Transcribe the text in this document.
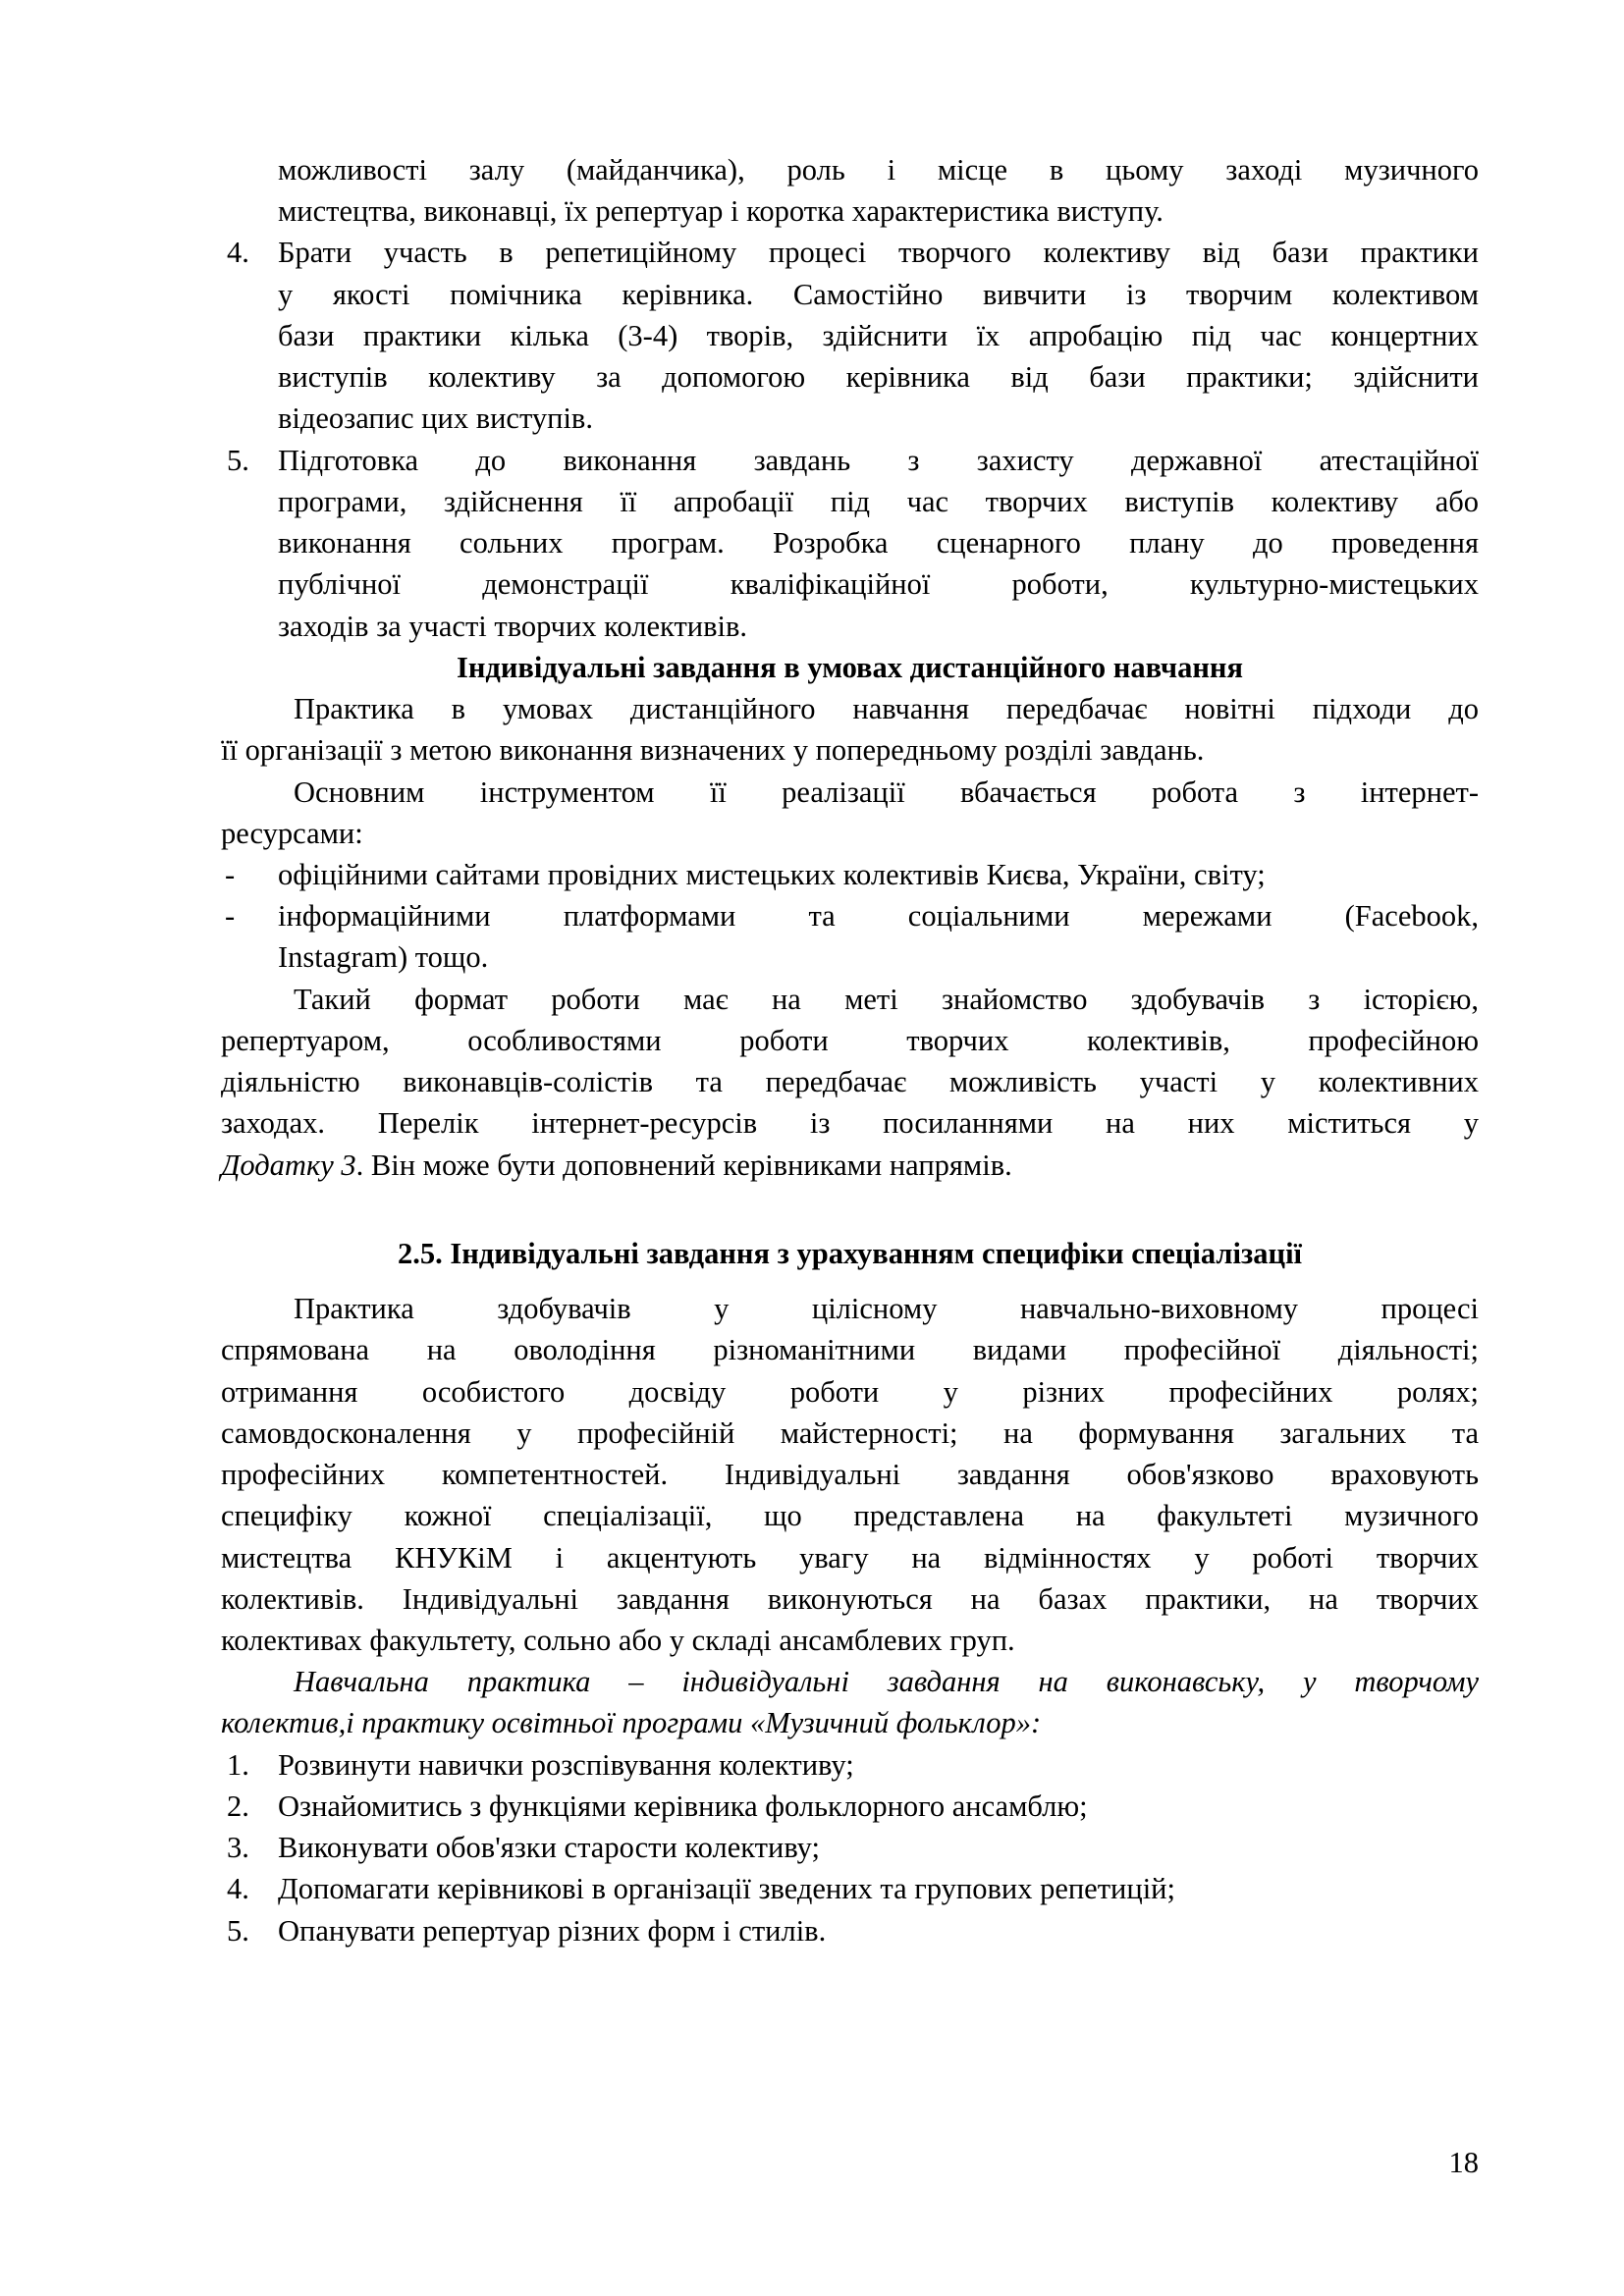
можливості залу (майданчика), роль і місце в цьому заході музичного
мистецтва, виконавці, їх репертуар і коротка характеристика виступу.
4. Брати участь в репетиційному процесі творчого колективу від бази практики
у якості помічника керівника. Самостійно вивчити із творчим колективом
бази практики кілька (3-4) творів, здійснити їх апробацію під час концертних
виступів колективу за допомогою керівника від бази практики; здійснити
відеозапис цих виступів.
5. Підготовка до виконання завдань з захисту державної атестаційної
програми, здійснення її апробації під час творчих виступів колективу або
виконання сольних програм. Розробка сценарного плану до проведення
публічної демонстрації кваліфікаційної роботи, культурно-мистецьких
заходів за участі творчих колективів.
Індивідуальні завдання в умовах дистанційного навчання
Практика в умовах дистанційного навчання передбачає новітні підходи до
її організації з метою виконання визначених у попередньому розділі завдань.
Основним інструментом її реалізації вбачається робота з інтернет-
ресурсами:
-	офіційними сайтами провідних мистецьких колективів Києва, України, світу;
-	інформаційними платформами та соціальними мережами (Facebook,
Instagram) тощо.
Такий формат роботи має на меті знайомство здобувачів з історією,
репертуаром, особливостями роботи творчих колективів, професійною
діяльністю виконавців-солістів та передбачає можливість участі у колективних
заходах. Перелік інтернет-ресурсів із посиланнями на них міститься у
Додатку 3. Він може бути доповнений керівниками напрямів.
2.5. Індивідуальні завдання з урахуванням специфіки спеціалізації
Практика здобувачів у цілісному навчально-виховному процесі
спрямована на оволодіння різноманітними видами професійної діяльності;
отримання особистого досвіду роботи у різних професійних ролях;
самовдосконалення у професійній майстерності; на формування загальних та
професійних компетентностей. Індивідуальні завдання обов'язково враховують
специфіку кожної спеціалізації, що представлена на факультеті музичного
мистецтва КНУКіМ і акцентують увагу на відмінностях у роботі творчих
колективів. Індивідуальні завдання виконуються на базах практики, на творчих
колективах факультету, сольно або у складі ансамблевих груп.
Навчальна практика – індивідуальні завдання на виконавську, у творчому
колектив,і практику освітньої програми «Музичний фольклор»:
1. Розвинути навички розспівування колективу;
2. Ознайомитись з функціями керівника фольклорного ансамблю;
3. Виконувати обов'язки старости колективу;
4. Допомагати керівникові в організації зведених та групових репетицій;
5. Опанувати репертуар різних форм і стилів.
18
